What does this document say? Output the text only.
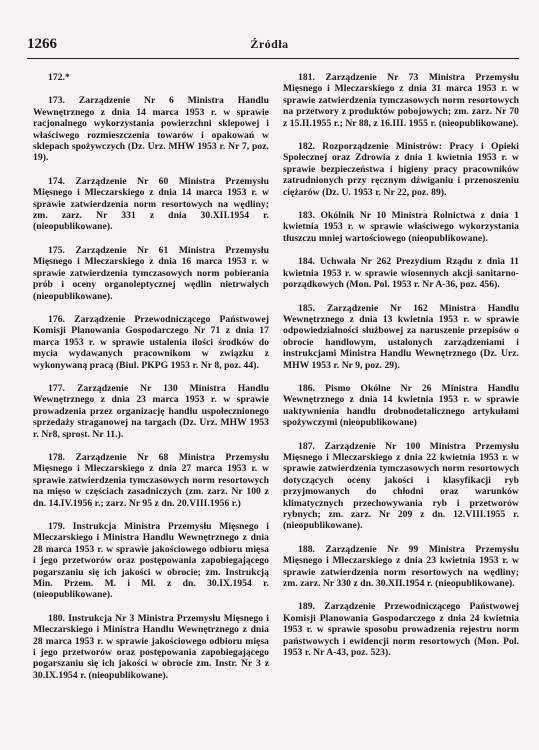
1266	Źródła

172.*

173. Zarządzenie Nr 6 Ministra Handlu Wewnętrznego z dnia 14 marca 1953 r. w sprawie racjonalnego wykorzystania powierzchni sklepowej i właściwego rozmieszczenia towarów i opakowań w sklepach spożywczych (Dz. Urz. MHW 1953 r. Nr 7, poz. 19).

174. Zarządzenie Nr 60 Ministra Przemysłu Mięsnego i Mleczarskiego z dnia 14 marca 1953 r. w sprawie zatwierdzenia norm resortowych na wędliny; zm. zarz. Nr 331 z dnia 30.XII.1954 r. (nieopublikowane).

175. Zarządzenie Nr 61 Ministra Przemysłu Mięsnego i Mleczarskiego z dnia 16 marca 1953 r. w sprawie zatwierdzenia tymczasowych norm pobierania prób i oceny organoleptycznej wędlin nietrwałych (nieopublikowane).

176. Zarządzenie Przewodniczącego Państwowej Komisji Planowania Gospodarczego Nr 71 z dnia 17 marca 1953 r. w sprawie ustalenia ilości środków do mycia wydawanych pracownikom w związku z wykonywaną pracą (Biul. PKPG 1953 r. Nr 8, poz. 44).

177. Zarządzenie Nr 130 Ministra Handlu Wewnętrznego z dnia 23 marca 1953 r. w sprawie prowadzenia przez organizację handlu uspołecznionego sprzedaży straganowej na targach (Dz. Urz. MHW 1953 r. Nr8, sprost. Nr 11.).

178. Zarządzenie Nr 68 Ministra Przemysłu Mięsnego i Mleczarskiego z dnia 27 marca 1953 r. w sprawie zatwierdzenia tymczasowych norm resortowych na mięso w częściach zasadniczych (zm. zarz. Nr 100 z dn. 14.IV.1956 r.; zarz. Nr 95 z dn. 20.VIII.1956 r.)

179. Instrukcja Ministra Przemysłu Mięsnego i Mleczarskiego i Ministra Handlu Wewnętrznego z dnia 28 marca 1953 r. w sprawie jakościowego odbioru mięsa i jego przetworów oraz postępowania zapobiegającego pogarszaniu się ich jakości w obrocie; zm. Instrukcją Min. Przem. M. i Ml. z dn. 30.IX.1954 r. (nieopublikowane).

180. Instrukcja Nr 3 Ministra Przemysłu Mięsnego i Mleczarskiego i Ministra Handlu Wewnętrznego z dnia 28 marca 1953 r. w sprawie jakościowego odbioru mięsa i jego przetworów oraz postępowania zapobiegającego pogarszaniu się ich jakości w obrocie zm. Instr. Nr 3 z 30.IX.1954 r. (nieopublikowane).

181. Zarządzenie Nr 73 Ministra Przemysłu Mięsnego i Mleczarskiego z dnia 31 marca 1953 r. w sprawie zatwierdzenia tymczasowych norm resortowych na przetwory z produktów pobojowych; zm. zarz. Nr 70 z 15.II.1955 r.; Nr 88, z 16.III. 1955 r. (nieopublikowane).

182. Rozporządzenie Ministrów: Pracy i Opieki Społecznej oraz Zdrowia z dnia 1 kwietnia 1953 r. w sprawie bezpieczeństwa i higieny pracy pracowników zatrudnionych przy ręcznym dźwiganiu i przenoszeniu ciężarów (Dz. U. 1953 r. Nr 22, poz. 89).

183. Okólnik Nr 10 Ministra Rolnictwa z dnia 1 kwietnia 1953 r. w sprawie właściwego wykorzystania tłuszczu mniej wartościowego (nieopublikowane).

184. Uchwała Nr 262 Prezydium Rządu z dnia 11 kwietnia 1953 r. w sprawie wiosennych akcji sanitarno-porządkowych (Mon. Pol. 1953 r. Nr A-36, poz. 456).

185. Zarządzenie Nr 162 Ministra Handlu Wewnętrznego z dnia 13 kwietnia 1953 r. w sprawie odpowiedzialności służbowej za naruszenie przepisów o obrocie handlowym, ustalonych zarządzeniami i instrukcjami Ministra Handlu Wewnętrznego (Dz. Urz. MHW 1953 r. Nr 9, poz. 29).

186. Pismo Okólne Nr 26 Ministra Handlu Wewnętrznego z dnia 14 kwietnia 1953 r. w sprawie uaktywnienia handlu drobnodetalicznego artykułami spożywczymi (nieopublikowane)

187. Zarządzenie Nr 100 Ministra Przemysłu Mięsnego i Mleczarskiego z dnia 22 kwietnia 1953 r. w sprawie zatwierdzenia tymczasowych norm resortowych dotyczących oceny jakości i klasyfikacji ryb przyjmowanych do chłodni oraz warunków klimatycznych przechowywania ryb i przetworów rybnych; zm. zarz. Nr 209 z dn. 12.VIII.1955 r. (nieopublikowane).

188. Zarządzenie Nr 99 Ministra Przemysłu Mięsnego i Mleczarskiego z dnia 23 kwietnia 1953 r. w sprawie zatwierdzenia norm resortowych na wędliny; zm. zarz. Nr 330 z dn. 30.XII.1954 r. (nieopublikowane).

189. Zarządzenie Przewodniczącego Państwowej Komisji Planowania Gospodarczego z dnia 24 kwietnia 1953 r. w sprawie sposobu prowadzenia rejestru norm państwowych i ewidencji norm resortowych (Mon. Pol. 1953 r. Nr A-43, poz. 523).
